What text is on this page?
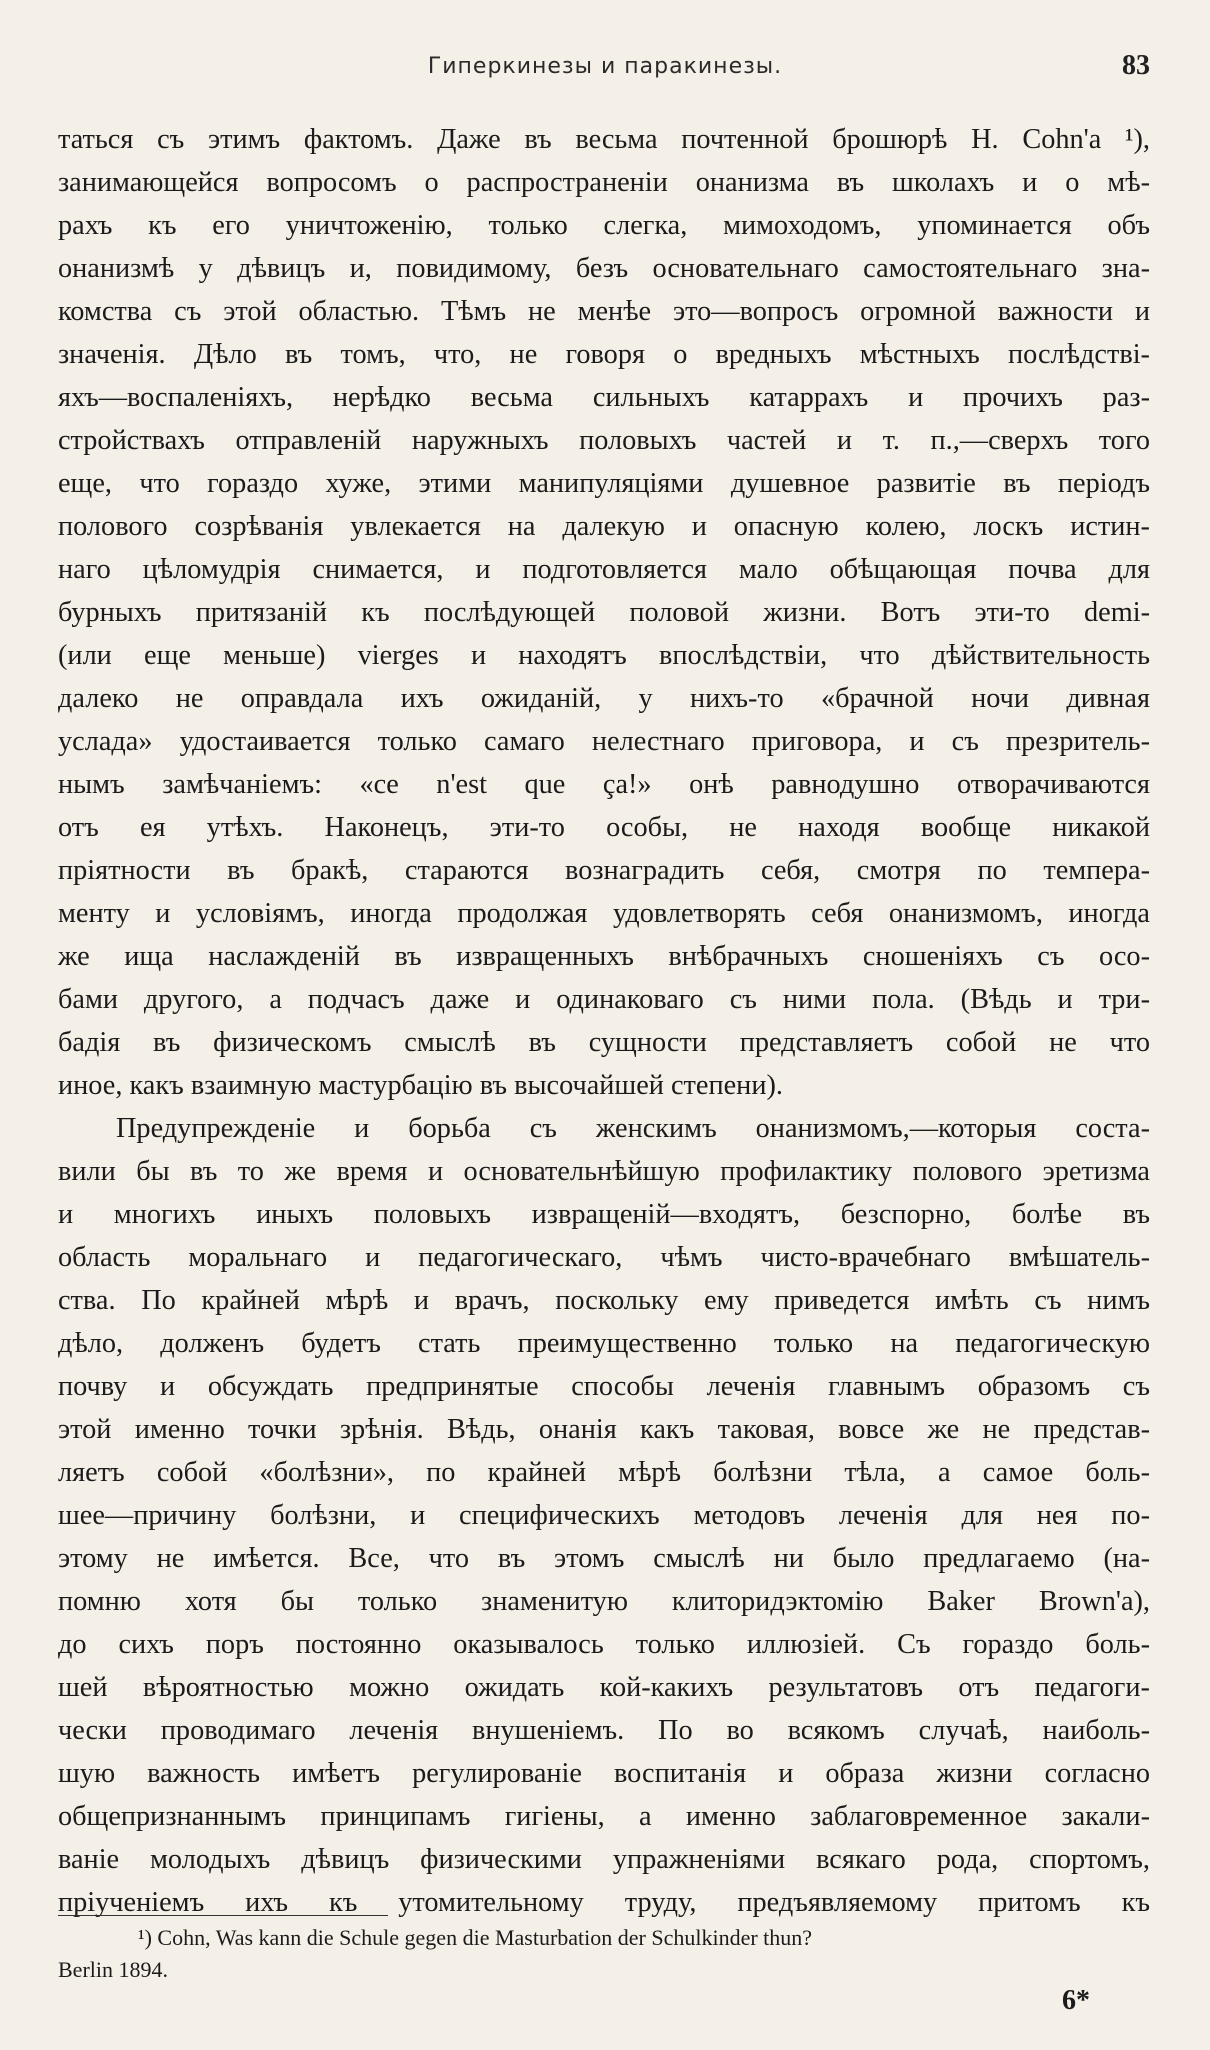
Гиперкинезы и паракинезы.	83
таться съ этимъ фактомъ. Даже въ весьма почтенной брошюрѣ H. Cohn'a ¹),
занимающейся вопросомъ о распространеніи онанизма въ школахъ и о мѣ-
рахъ къ его уничтоженію, только слегка, мимоходомъ, упоминается объ
онанизмѣ у дѣвицъ и, повидимому, безъ основательнаго самостоятельнаго зна-
комства съ этой областью. Тѣмъ не менѣе это—вопросъ огромной важности и
значенія. Дѣло въ томъ, что, не говоря о вредныхъ мѣстныхъ послѣдстві-
яхъ—воспаленіяхъ, нерѣдко весьма сильныхъ катаррахъ и прочихъ раз-
стройствахъ отправленій наружныхъ половыхъ частей и т. п.,—сверхъ того
еще, что гораздо хуже, этими манипуляціями душевное развитіе въ періодъ
полового созрѣванія увлекается на далекую и опасную колею, лоскъ истин-
наго цѣломудрія снимается, и подготовляется мало обѣщающая почва для
бурныхъ притязаній къ послѣдующей половой жизни. Вотъ эти-то demi-
(или еще меньше) vierges и находятъ впослѣдствіи, что дѣйствительность
далеко не оправдала ихъ ожиданій, у нихъ-то «брачной ночи дивная
услада» удостаивается только самаго нелестнаго приговора, и съ презритель-
нымъ замѣчаніемъ: «ce n'est que ça!» онѣ равнодушно отворачиваются
отъ ея утѣхъ. Наконецъ, эти-то особы, не находя вообще никакой
пріятности въ бракѣ, стараются вознаградить себя, смотря по темпера-
менту и условіямъ, иногда продолжая удовлетворять себя онанизмомъ, иногда
же ища наслажденій въ извращенныхъ внѣбрачныхъ сношеніяхъ съ осо-
бами другого, а подчасъ даже и одинаковаго съ ними пола. (Вѣдь и три-
бадія въ физическомъ смыслѣ въ сущности представляетъ собой не что
иное, какъ взаимную мастурбацію въ высочайшей степени).
Предупрежденіе и борьба съ женскимъ онанизмомъ,—которыя соста-
вили бы въ то же время и основательнѣйшую профилактику полового эретизма
и многихъ иныхъ половыхъ извращеній—входятъ, безспорно, болѣе въ
область моральнаго и педагогическаго, чѣмъ чисто-врачебнаго вмѣшатель-
ства. По крайней мѣрѣ и врачъ, поскольку ему приведется имѣть съ нимъ
дѣло, долженъ будетъ стать преимущественно только на педагогическую
почву и обсуждать предпринятые способы леченія главнымъ образомъ съ
этой именно точки зрѣнія. Вѣдь, онанія какъ таковая, вовсе же не представ-
ляетъ собой «болѣзни», по крайней мѣрѣ болѣзни тѣла, а самое боль-
шее—причину болѣзни, и специфическихъ методовъ леченія для нея по-
этому не имѣется. Все, что въ этомъ смыслѣ ни было предлагаемо (на-
помню хотя бы только знаменитую клиторидэктомію Baker Brown'a),
до сихъ поръ постоянно оказывалось только иллюзіей. Съ гораздо боль-
шей вѣроятностью можно ожидать кой-какихъ результатовъ отъ педагоги-
чески проводимаго леченія внушеніемъ. По во всякомъ случаѣ, наиболь-
шую важность имѣетъ регулированіе воспитанія и образа жизни согласно
общепризнаннымъ принципамъ гигіены, а именно заблаговременное закали-
ваніе молодыхъ дѣвицъ физическими упражненіями всякаго рода, спортомъ,
пріученіемъ ихъ къ утомительному труду, предъявляемому притомъ къ
¹) Cohn, Was kann die Schule gegen die Masturbation der Schulkinder thun?
Berlin 1894.
6*
